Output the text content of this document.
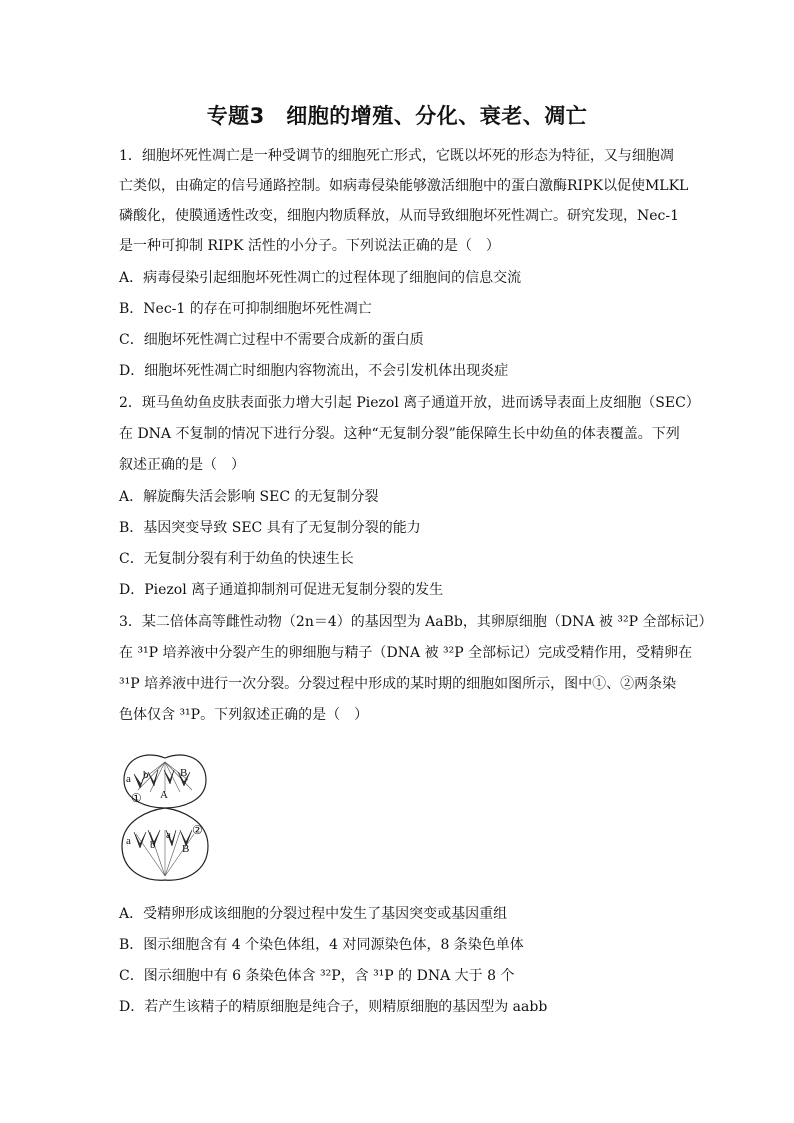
专题3　细胞的增殖、分化、衰老、凋亡
1．细胞坏死性凋亡是一种受调节的细胞死亡形式，它既以坏死的形态为特征，又与细胞凋
亡类似，由确定的信号通路控制。如病毒侵染能够激活细胞中的蛋白激酶RIPK以促使MLKL
磷酸化，使膜通透性改变，细胞内物质释放，从而导致细胞坏死性凋亡。研究发现，Nec-1
是一种可抑制 RIPK 活性的小分子。下列说法正确的是（　）
A．病毒侵染引起细胞坏死性凋亡的过程体现了细胞间的信息交流
B．Nec-1 的存在可抑制细胞坏死性凋亡
C．细胞坏死性凋亡过程中不需要合成新的蛋白质
D．细胞坏死性凋亡时细胞内容物流出，不会引发机体出现炎症
2．斑马鱼幼鱼皮肤表面张力增大引起 Piezol 离子通道开放，进而诱导表面上皮细胞（SEC）
在 DNA 不复制的情况下进行分裂。这种“无复制分裂”能保障生长中幼鱼的体表覆盖。下列
叙述正确的是（　）
A．解旋酶失活会影响 SEC 的无复制分裂
B．基因突变导致 SEC 具有了无复制分裂的能力
C．无复制分裂有利于幼鱼的快速生长
D．Piezol 离子通道抑制剂可促进无复制分裂的发生
3．某二倍体高等雌性动物（2n＝4）的基因型为 AaBb，其卵原细胞（DNA 被 ³²P 全部标记）
在 ³¹P 培养液中分裂产生的卵细胞与精子（DNA 被 ³²P 全部标记）完成受精作用，受精卵在
³¹P 培养液中进行一次分裂。分裂过程中形成的某时期的细胞如图所示，图中①、②两条染
色体仅含 ³¹P。下列叙述正确的是（　）
a b
A
B
①
a b
a
B
②
A．受精卵形成该细胞的分裂过程中发生了基因突变或基因重组
B．图示细胞含有 4 个染色体组，4 对同源染色体，8 条染色单体
C．图示细胞中有 6 条染色体含 ³²P，含 ³¹P 的 DNA 大于 8 个
D．若产生该精子的精原细胞是纯合子，则精原细胞的基因型为 aabb
